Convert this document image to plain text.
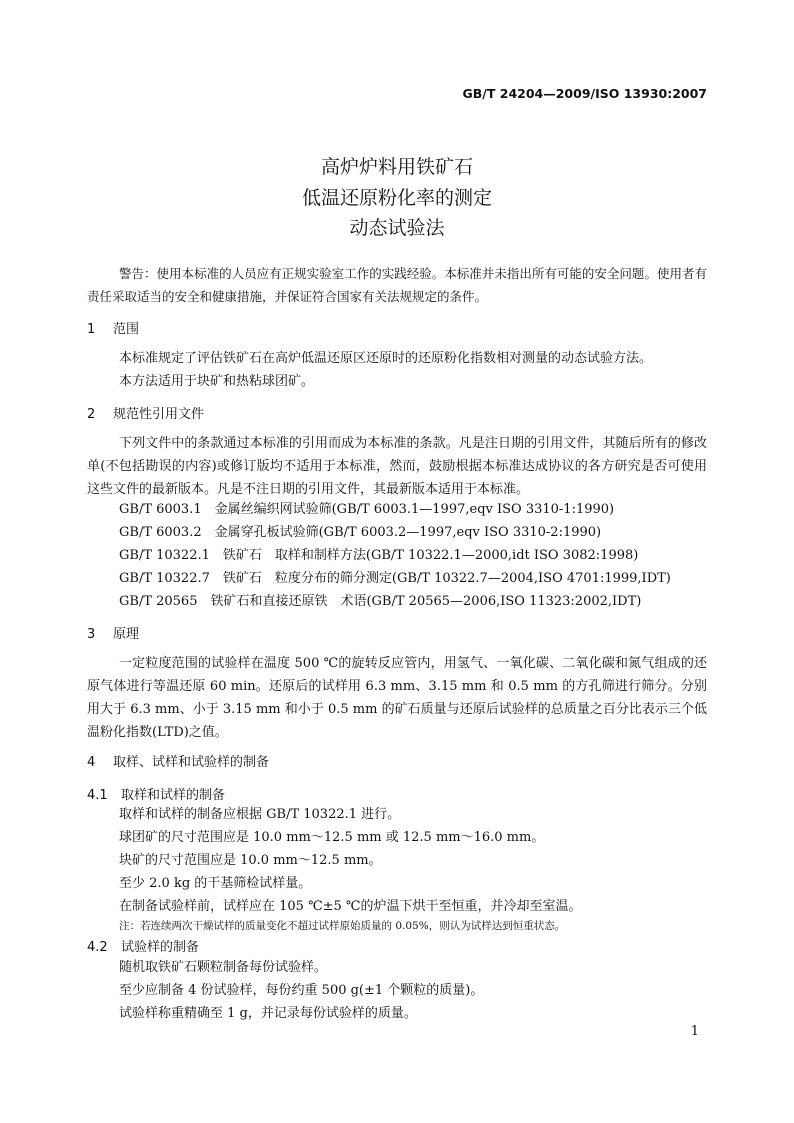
GB/T 24204—2009/ISO 13930:2007
高炉炉料用铁矿石
低温还原粉化率的测定
动态试验法
警告：使用本标准的人员应有正规实验室工作的实践经验。本标准并未指出所有可能的安全问题。使用者有责任采取适当的安全和健康措施，并保证符合国家有关法规规定的条件。
1 范围
本标准规定了评估铁矿石在高炉低温还原区还原时的还原粉化指数相对测量的动态试验方法。
本方法适用于块矿和热粘球团矿。
2 规范性引用文件
下列文件中的条款通过本标准的引用而成为本标准的条款。凡是注日期的引用文件，其随后所有的修改单(不包括勘误的内容)或修订版均不适用于本标准，然而，鼓励根据本标准达成协议的各方研究是否可使用这些文件的最新版本。凡是不注日期的引用文件，其最新版本适用于本标准。
GB/T 6003.1　金属丝编织网试验筛(GB/T 6003.1—1997,eqv ISO 3310-1:1990)
GB/T 6003.2　金属穿孔板试验筛(GB/T 6003.2—1997,eqv ISO 3310-2:1990)
GB/T 10322.1　铁矿石　取样和制样方法(GB/T 10322.1—2000,idt ISO 3082:1998)
GB/T 10322.7　铁矿石　粒度分布的筛分测定(GB/T 10322.7—2004,ISO 4701:1999,IDT)
GB/T 20565　铁矿石和直接还原铁　术语(GB/T 20565—2006,ISO 11323:2002,IDT)
3 原理
一定粒度范围的试验样在温度 500 ℃的旋转反应管内，用氢气、一氧化碳、二氧化碳和氮气组成的还原气体进行等温还原 60 min。还原后的试样用 6.3 mm、3.15 mm 和 0.5 mm 的方孔筛进行筛分。分别用大于 6.3 mm、小于 3.15 mm 和小于 0.5 mm 的矿石质量与还原后试验样的总质量之百分比表示三个低温粉化指数(LTD)之值。
4 取样、试样和试验样的制备
4.1 取样和试样的制备
取样和试样的制备应根据 GB/T 10322.1 进行。
球团矿的尺寸范围应是 10.0 mm～12.5 mm 或 12.5 mm～16.0 mm。
块矿的尺寸范围应是 10.0 mm～12.5 mm。
至少 2.0 kg 的干基筛检试样量。
在制备试验样前，试样应在 105 ℃±5 ℃的炉温下烘干至恒重，并冷却至室温。
注：若连续两次干燥试样的质量变化不超过试样原始质量的 0.05%，则认为试样达到恒重状态。
4.2 试验样的制备
随机取铁矿石颗粒制备每份试验样。
至少应制备 4 份试验样，每份约重 500 g(±1 个颗粒的质量)。
试验样称重精确至 1 g，并记录每份试验样的质量。
1
